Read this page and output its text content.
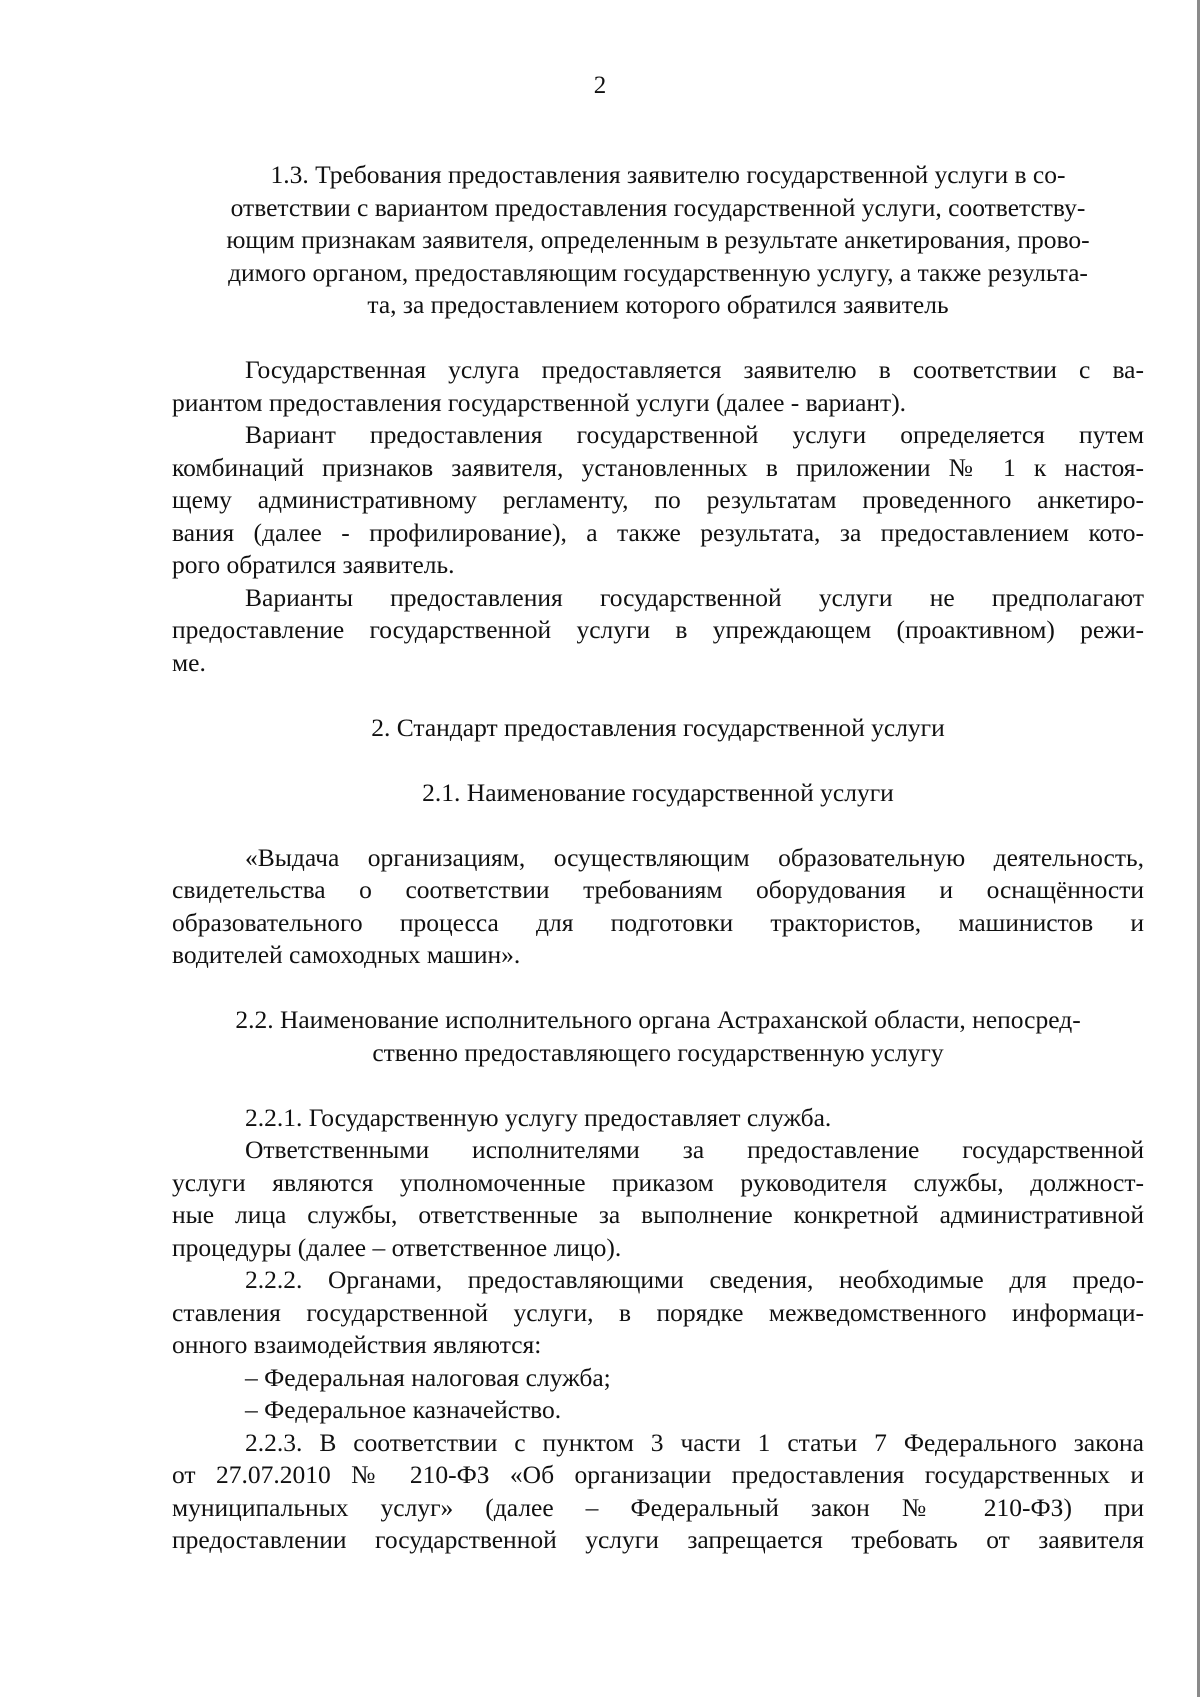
2
1.3. Требования предоставления заявителю государственной услуги в со-
ответствии с вариантом предоставления государственной услуги, соответству-
ющим признакам заявителя, определенным в результате анкетирования, прово-
димого органом, предоставляющим государственную услугу, а также результа-
та, за предоставлением которого обратился заявитель
Государственная услуга предоставляется заявителю в соответствии с ва-
риантом предоставления государственной услуги (далее - вариант).
Вариант предоставления государственной услуги определяется путем
комбинаций признаков заявителя, установленных в приложении № 1 к настоя-
щему административному регламенту, по результатам проведенного анкетиро-
вания (далее - профилирование), а также результата, за предоставлением кото-
рого обратился заявитель.
Варианты предоставления государственной услуги не предполагают
предоставление государственной услуги в упреждающем (проактивном) режи-
ме.
2. Стандарт предоставления государственной услуги
2.1. Наименование государственной услуги
«Выдача организациям, осуществляющим образовательную деятельность,
свидетельства о соответствии требованиям оборудования и оснащённости
образовательного процесса для подготовки трактористов, машинистов и
водителей самоходных машин».
2.2. Наименование исполнительного органа Астраханской области, непосред-
ственно предоставляющего государственную услугу
2.2.1. Государственную услугу предоставляет служба.
Ответственными исполнителями за предоставление государственной
услуги являются уполномоченные приказом руководителя службы, должност-
ные лица службы, ответственные за выполнение конкретной административной
процедуры (далее – ответственное лицо).
2.2.2. Органами, предоставляющими сведения, необходимые для предо-
ставления государственной услуги, в порядке межведомственного информаци-
онного взаимодействия являются:
– Федеральная налоговая служба;
– Федеральное казначейство.
2.2.3. В соответствии с пунктом 3 части 1 статьи 7 Федерального закона
от 27.07.2010 № 210-ФЗ «Об организации предоставления государственных и
муниципальных услуг» (далее – Федеральный закон № 210-ФЗ) при
предоставлении государственной услуги запрещается требовать от заявителя
